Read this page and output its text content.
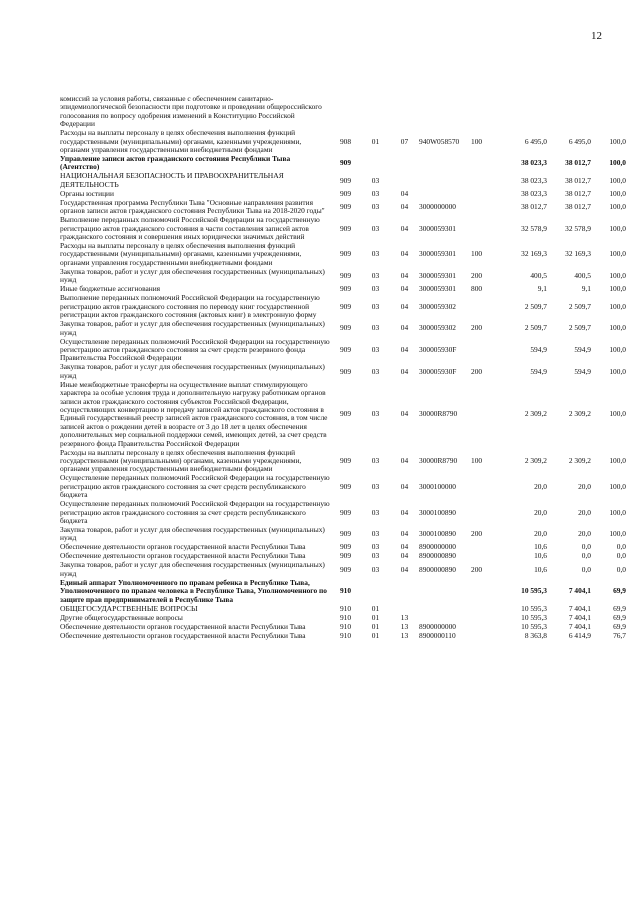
12
комиссий за условия работы, связанные с обеспечением санитарно-эпидемиологической безопасности при подготовке и проведении общероссийского голосования по вопросу одобрения изменений в Конституцию Российской Федерации								
Расходы на выплаты персоналу в целях обеспечения выполнения функций государственными (муниципальными) органами, казенными учреждениями, органами управления государственными внебюджетными фондами	908	01	07	940W058570	100	6 495,0	6 495,0	100,0
Управление записи актов гражданского состояния Республики Тыва (Агентство)	909					38 023,3	38 012,7	100,0
НАЦИОНАЛЬНАЯ БЕЗОПАСНОСТЬ И ПРАВООХРАНИТЕЛЬНАЯ ДЕЯТЕЛЬНОСТЬ	909	03				38 023,3	38 012,7	100,0
Органы юстиции	909	03	04			38 023,3	38 012,7	100,0
Государственная программа Республики Тыва "Основные направления развития органов записи актов гражданского состояния Республики Тыва на 2018-2020 годы"	909	03	04	3000000000		38 012,7	38 012,7	100,0
Выполнение переданных полномочий Российской Федерации на государственную регистрацию актов гражданского состояния в части составления записей актов гражданского состояния и совершения иных юридически значимых действий	909	03	04	3000059301		32 578,9	32 578,9	100,0
Расходы на выплаты персоналу в целях обеспечения выполнения функций государственными (муниципальными) органами, казенными учреждениями, органами управления государственными внебюджетными фондами	909	03	04	3000059301	100	32 169,3	32 169,3	100,0
Закупка товаров, работ и услуг для обеспечения государственных (муниципальных) нужд	909	03	04	3000059301	200	400,5	400,5	100,0
Иные бюджетные ассигнования	909	03	04	3000059301	800	9,1	9,1	100,0
Выполнение переданных полномочий Российской Федерации на государственную регистрацию актов гражданского состояния по переводу книг государственной регистрации актов гражданского состояния (актовых книг) в электронную форму	909	03	04	3000059302		2 509,7	2 509,7	100,0
Закупка товаров, работ и услуг для обеспечения государственных (муниципальных) нужд	909	03	04	3000059302	200	2 509,7	2 509,7	100,0
Осуществление переданных полномочий Российской Федерации на государственную регистрацию актов гражданского состояния за счет средств резервного фонда Правительства Российской Федерации	909	03	04	300005930F		594,9	594,9	100,0
Закупка товаров, работ и услуг для обеспечения государственных (муниципальных) нужд	909	03	04	300005930F	200	594,9	594,9	100,0
Иные межбюджетные трансферты на осуществление выплат стимулирующего характера за особые условия труда и дополнительную нагрузку работникам органов записи актов гражданского состояния субъектов Российской Федерации, осуществляющих конвертацию и передачу записей актов гражданского состояния в Единый государственный реестр записей актов гражданского состояния, в том числе записей актов о рождении детей в возрасте от 3 до 18 лет в целях обеспечения дополнительных мер социальной поддержки семей, имеющих детей, за счет средств резервного фонда Правительства Российской Федерации	909	03	04	30000R8790		2 309,2	2 309,2	100,0
Расходы на выплаты персоналу в целях обеспечения выполнения функций государственными (муниципальными) органами, казенными учреждениями, органами управления государственными внебюджетными фондами	909	03	04	30000R8790	100	2 309,2	2 309,2	100,0
Осуществление переданных полномочий Российской Федерации на государственную регистрацию актов гражданского состояния за счет средств республиканского бюджета	909	03	04	3000100000		20,0	20,0	100,0
Осуществление переданных полномочий Российской Федерации на государственную регистрацию актов гражданского состояния за счет средств республиканского бюджета	909	03	04	3000100890		20,0	20,0	100,0
Закупка товаров, работ и услуг для обеспечения государственных (муниципальных) нужд	909	03	04	3000100890	200	20,0	20,0	100,0
Обеспечение деятельности органов государственной власти Республики Тыва	909	03	04	8900000000		10,6	0,0	0,0
Обеспечение деятельности органов государственной власти Республики Тыва	909	03	04	8900000890		10,6	0,0	0,0
Закупка товаров, работ и услуг для обеспечения государственных (муниципальных) нужд	909	03	04	8900000890	200	10,6	0,0	0,0
Единый аппарат Уполномоченного по правам ребенка в Республике Тыва, Уполномоченного по правам человека в Республике Тыва, Уполномоченного по защите прав предпринимателей в Республике Тыва	910					10 595,3	7 404,1	69,9
ОБЩЕГОСУДАРСТВЕННЫЕ ВОПРОСЫ	910	01				10 595,3	7 404,1	69,9
Другие общегосударственные вопросы	910	01	13			10 595,3	7 404,1	69,9
Обеспечение деятельности органов государственной власти Республики Тыва	910	01	13	8900000000		10 595,3	7 404,1	69,9
Обеспечение деятельности органов государственной власти Республики Тыва	910	01	13	8900000110		8 363,8	6 414,9	76,7
